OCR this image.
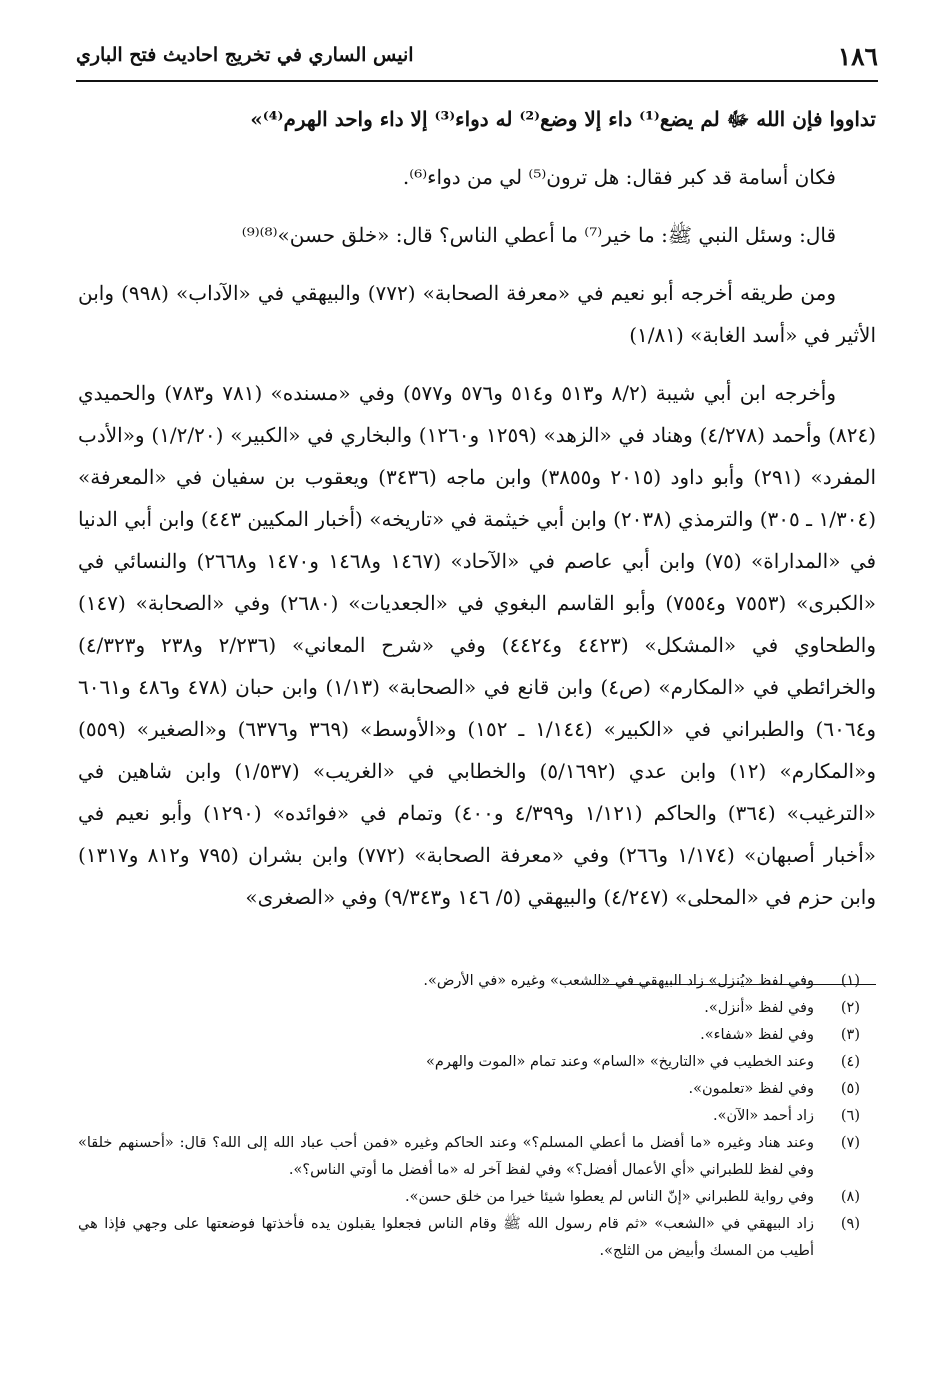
١٨٦
انيس الساري في تخريج احاديث فتح الباري

تداووا فإن الله ﷻ لم يضع⁽¹⁾ داء إلا وضع⁽²⁾ له دواء⁽³⁾ إلا داء واحد الهرم⁽⁴⁾»

فكان أسامة قد كبر فقال: هل ترون⁽⁵⁾ لي من دواء⁽⁶⁾.

قال: وسئل النبي ﷺ: ما خير⁽⁷⁾ ما أعطي الناس؟ قال: «خلق حسن»⁽⁸⁾⁽⁹⁾

ومن طريقه أخرجه أبو نعيم في «معرفة الصحابة» (٧٧٢) والبيهقي في «الآداب» (٩٩٨) وابن الأثير في «أسد الغابة» (١/٨١)

وأخرجه ابن أبي شيبة (٨/٢ و٥١٣ و٥١٤ و٥٧٦ و٥٧٧) وفي «مسنده» (٧٨١ و٧٨٣) والحميدي (٨٢٤) وأحمد (٤/٢٧٨) وهناد في «الزهد» (١٢٥٩ و١٢٦٠) والبخاري في «الكبير» (١/٢/٢٠) و«الأدب المفرد» (٢٩١) وأبو داود (٢٠١٥ و٣٨٥٥) وابن ماجه (٣٤٣٦) ويعقوب بن سفيان في «المعرفة» (١/٣٠٤ ـ ٣٠٥) والترمذي (٢٠٣٨) وابن أبي خيثمة في «تاريخه» (أخبار المكيين ٤٤٣) وابن أبي الدنيا في «المداراة» (٧٥) وابن أبي عاصم في «الآحاد» (١٤٦٧ و١٤٦٨ و١٤٧٠ و٢٦٦٨) والنسائي في «الكبرى» (٧٥٥٣ و٧٥٥٤) وأبو القاسم البغوي في «الجعديات» (٢٦٨٠) وفي «الصحابة» (١٤٧) والطحاوي في «المشكل» (٤٤٢٣ و٤٤٢٤) وفي «شرح المعاني» (٢/٢٣٦ و٢٣٨ و٤/٣٢٣) والخرائطي في «المكارم» (ص٤) وابن قانع في «الصحابة» (١/١٣) وابن حبان (٤٧٨ و٤٨٦ و٦٠٦١ و٦٠٦٤) والطبراني في «الكبير» (١/١٤٤ ـ ١٥٢) و«الأوسط» (٣٦٩ و٦٣٧٦) و«الصغير» (٥٥٩) و«المكارم» (١٢) وابن عدي (٥/١٦٩٢) والخطابي في «الغريب» (١/٥٣٧) وابن شاهين في «الترغيب» (٣٦٤) والحاكم (١/١٢١ و٤/٣٩٩ و٤٠٠) وتمام في «فوائده» (١٢٩٠) وأبو نعيم في «أخبار أصبهان» (١/١٧٤ و٢٦٦) وفي «معرفة الصحابة» (٧٧٢) وابن بشران (٧٩٥ و٨١٢ و١٣١٧) وابن حزم في «المحلى» (٤/٢٤٧) والبيهقي (٥/ ١٤٦ و٩/٣٤٣) وفي «الصغرى»

(١)
وفي لفظ «يُنزل» زاد البيهقي في «الشعب» وغيره «في الأرض».
(٢)
وفي لفظ «أنزل».
(٣)
وفي لفظ «شفاء».
(٤)
وعند الخطيب في «التاريخ» «السام» وعند تمام «الموت والهرم»
(٥)
وفي لفظ «تعلمون».
(٦)
زاد أحمد «الآن».
(٧)
وعند هناد وغيره «ما أفضل ما أعطي المسلم؟» وعند الحاكم وغيره «فمن أحب عباد الله إلى الله؟ قال: «أحسنهم خلقا» وفي لفظ للطبراني «أي الأعمال أفضل؟» وفي لفظ آخر له «ما أفضل ما أوتي الناس؟».
(٨)
وفي رواية للطبراني «إنّ الناس لم يعطوا شيئا خيرا من خلق حسن».
(٩)
زاد البيهقي في «الشعب» «ثم قام رسول الله ﷺ وقام الناس فجعلوا يقبلون يده فأخذتها فوضعتها على وجهي فإذا هي أطيب من المسك وأبيض من الثلج».
